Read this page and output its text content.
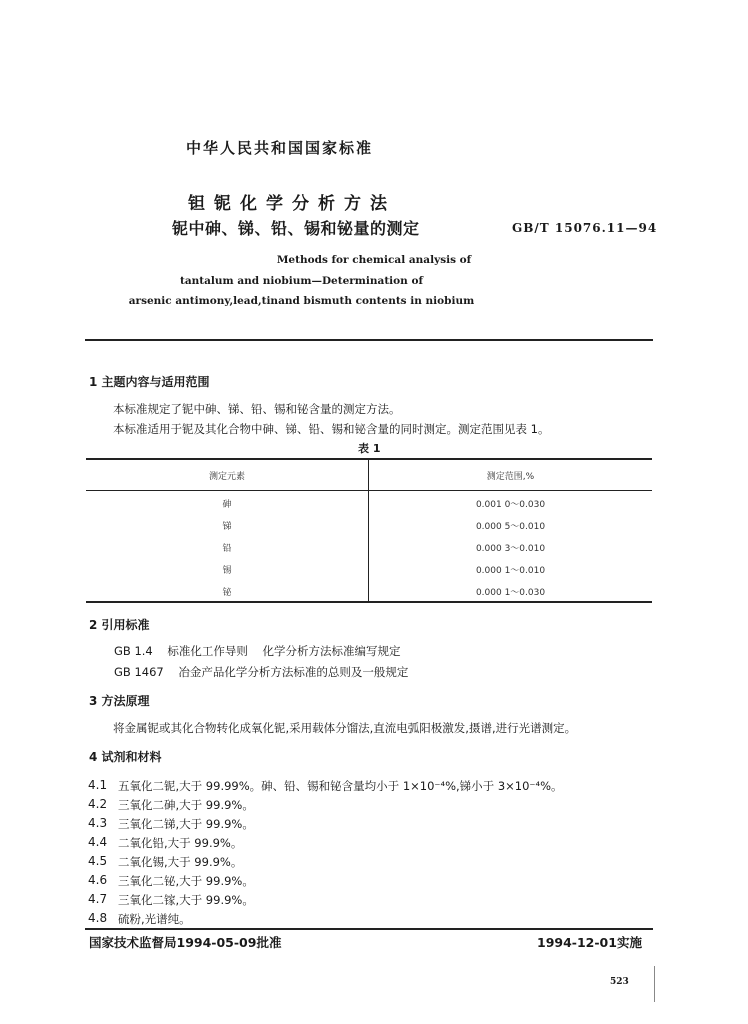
中华人民共和国国家标准
钽铌化学分析方法
铌中砷、锑、铅、锡和铋量的测定	GB/T 15076.11—94
Methods for chemical analysis of
tantalum and niobium—Determination of
arsenic antimony,lead,tinand bismuth contents in niobium
1 主题内容与适用范围
本标准规定了铌中砷、锑、铅、锡和铋含量的测定方法。
本标准适用于铌及其化合物中砷、锑、铅、锡和铋含量的同时测定。测定范围见表 1。
表 1
测定元素	测定范围,%
砷	0.001 0～0.030
锑	0.000 5～0.010
铅	0.000 3～0.010
锡	0.000 1～0.010
铋	0.000 1～0.030
2 引用标准
GB 1.4    标准化工作导则    化学分析方法标准编写规定
GB 1467    冶金产品化学分析方法标准的总则及一般规定
3 方法原理
将金属铌或其化合物转化成氧化铌,采用载体分馏法,直流电弧阳极激发,摄谱,进行光谱测定。
4 试剂和材料
4.1 五氧化二铌,大于 99.99%。砷、铅、锡和铋含量均小于 1×10⁻⁴%,锑小于 3×10⁻⁴%。
4.2 三氧化二砷,大于 99.9%。
4.3 三氧化二锑,大于 99.9%。
4.4 二氧化铅,大于 99.9%。
4.5 二氧化锡,大于 99.9%。
4.6 三氧化二铋,大于 99.9%。
4.7 三氧化二镓,大于 99.9%。
4.8 硫粉,光谱纯。
国家技术监督局1994-05-09批准	1994-12-01实施
523
